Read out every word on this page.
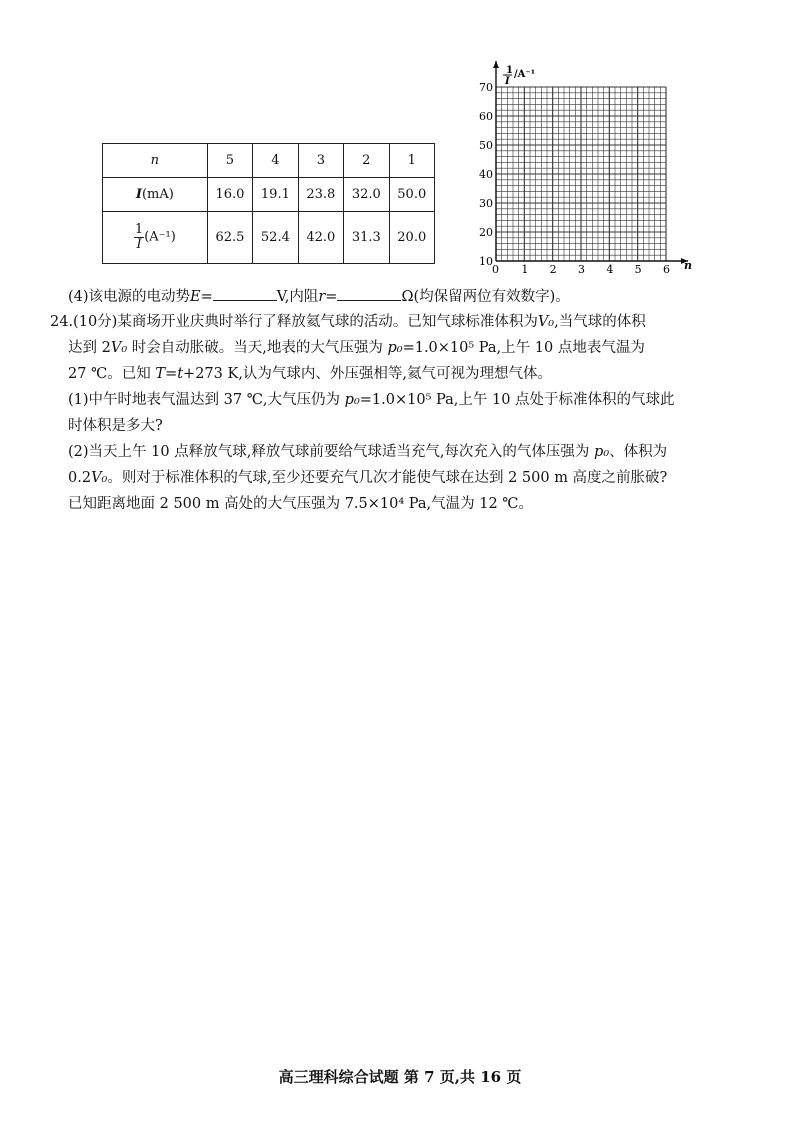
n	5	4	3	2	1
I(mA)	16.0	19.1	23.8	32.0	50.0

$\frac{1}{I} (A^{-1})$	62.5	52.4	42.0	31.3	20.0
0 1 2 3 4 5 6
10
20
30
40
50
60
70
1
I
/A⁻¹
n
(4)该电源的电动势E=	V,内阻r=	Ω(均保留两位有效数字)。
24.(10分)某商场开业庆典时举行了释放氦气球的活动。已知气球标准体积为V₀,当气球的体积
达到 2V₀ 时会自动胀破。当天,地表的大气压强为 p₀=1.0×10⁵ Pa,上午 10 点地表气温为
27 ℃。已知 T=t+273 K,认为气球内、外压强相等,氦气可视为理想气体。
(1)中午时地表气温达到 37 ℃,大气压仍为 p₀=1.0×10⁵ Pa,上午 10 点处于标准体积的气球此
时体积是多大?
(2)当天上午 10 点释放气球,释放气球前要给气球适当充气,每次充入的气体压强为 p₀、体积为
0.2V₀。则对于标准体积的气球,至少还要充气几次才能使气球在达到 2 500 m 高度之前胀破?
已知距离地面 2 500 m 高处的大气压强为 7.5×10⁴ Pa,气温为 12 ℃。
高三理科综合试题 第 7 页,共 16 页
